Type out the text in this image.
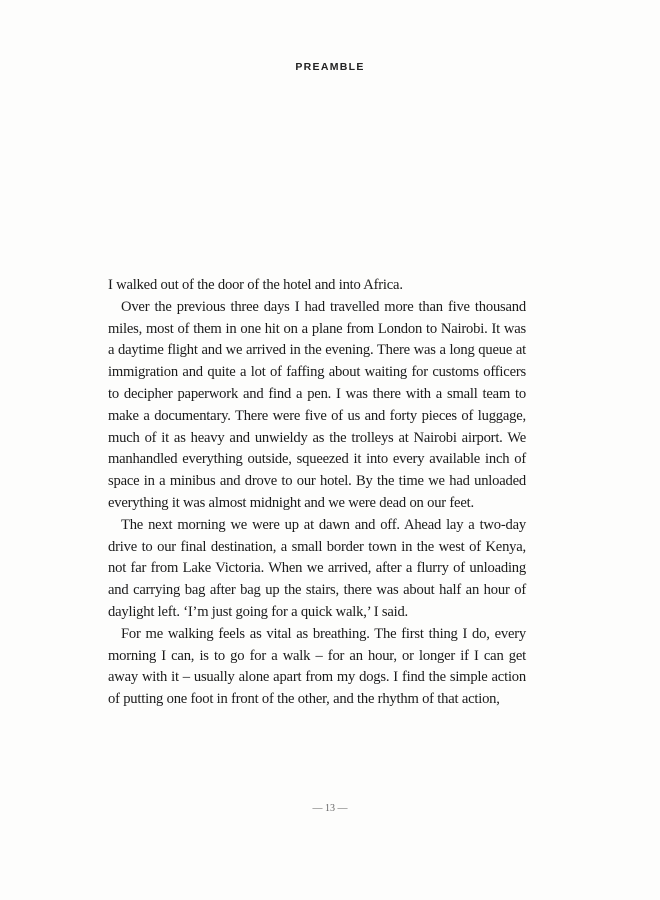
PREAMBLE

I walked out of the door of the hotel and into Africa.

Over the previous three days I had travelled more than five thousand miles, most of them in one hit on a plane from London to Nairobi. It was a daytime flight and we arrived in the evening. There was a long queue at immigration and quite a lot of faffing about waiting for customs officers to decipher paperwork and find a pen. I was there with a small team to make a documentary. There were five of us and forty pieces of luggage, much of it as heavy and unwieldy as the trolleys at Nairobi airport. We manhandled everything outside, squeezed it into every available inch of space in a minibus and drove to our hotel. By the time we had unloaded everything it was almost midnight and we were dead on our feet.

The next morning we were up at dawn and off. Ahead lay a two-day drive to our final destination, a small border town in the west of Kenya, not far from Lake Victoria. When we arrived, after a flurry of unloading and carrying bag after bag up the stairs, there was about half an hour of daylight left. ‘I’m just going for a quick walk,’ I said.

For me walking feels as vital as breathing. The first thing I do, every morning I can, is to go for a walk – for an hour, or longer if I can get away with it – usually alone apart from my dogs. I find the simple action of putting one foot in front of the other, and the rhythm of that action,

— 13 —
